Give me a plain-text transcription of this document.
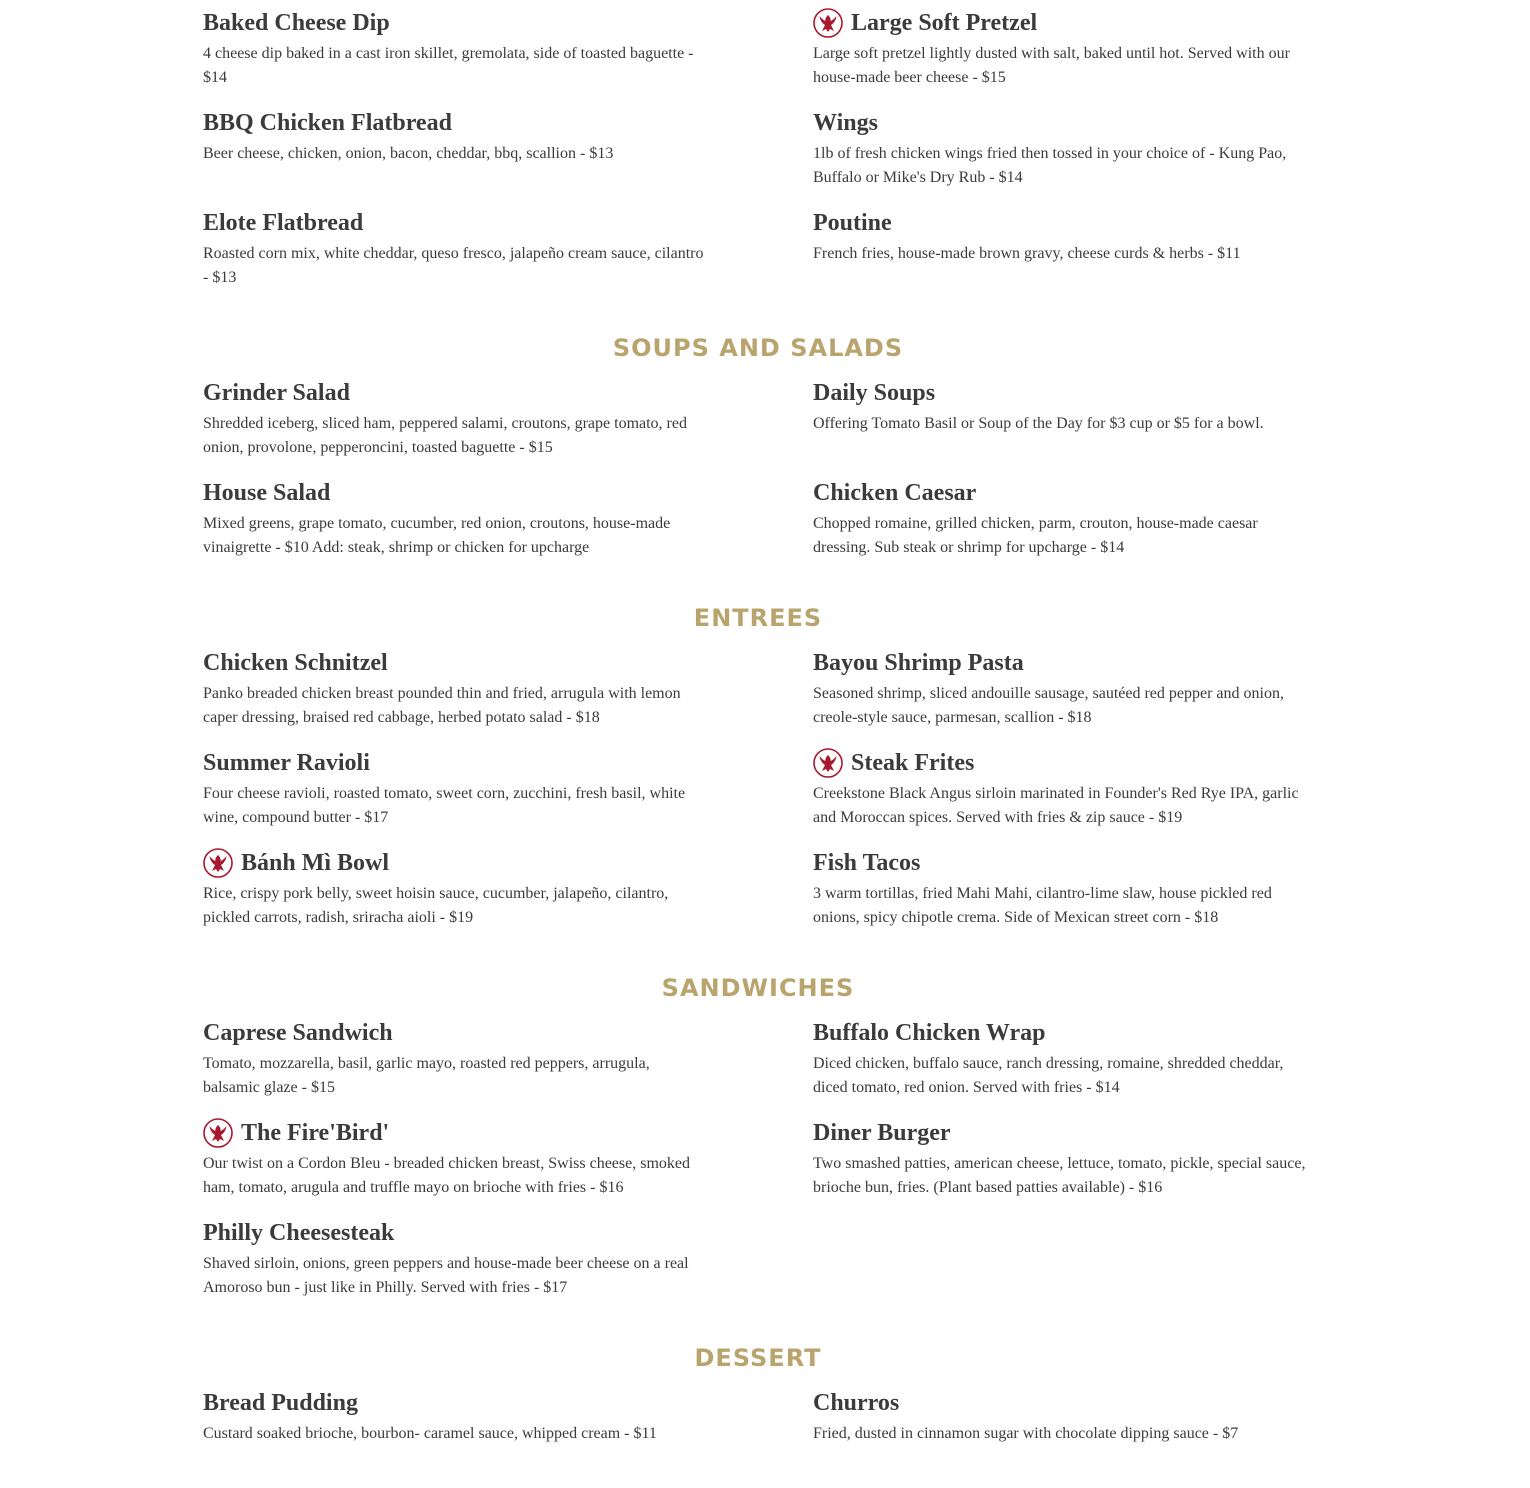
Baked Cheese Dip
4 cheese dip baked in a cast iron skillet, gremolata, side of toasted baguette - $14
Large Soft Pretzel
Large soft pretzel lightly dusted with salt, baked until hot. Served with our house-made beer cheese - $15
BBQ Chicken Flatbread
Beer cheese, chicken, onion, bacon, cheddar, bbq, scallion - $13
Wings
1lb of fresh chicken wings fried then tossed in your choice of - Kung Pao, Buffalo or Mike's Dry Rub - $14
Elote Flatbread
Roasted corn mix, white cheddar, queso fresco, jalapeño cream sauce, cilantro - $13
Poutine
French fries, house-made brown gravy, cheese curds & herbs - $11
SOUPS AND SALADS
Grinder Salad
Shredded iceberg, sliced ham, peppered salami, croutons, grape tomato, red onion, provolone, pepperoncini, toasted baguette - $15
Daily Soups
Offering Tomato Basil or Soup of the Day for $3 cup or $5 for a bowl.
House Salad
Mixed greens, grape tomato, cucumber, red onion, croutons, house-made vinaigrette - $10 Add: steak, shrimp or chicken for upcharge
Chicken Caesar
Chopped romaine, grilled chicken, parm, crouton, house-made caesar dressing. Sub steak or shrimp for upcharge - $14
ENTREES
Chicken Schnitzel
Panko breaded chicken breast pounded thin and fried, arrugula with lemon caper dressing, braised red cabbage, herbed potato salad - $18
Bayou Shrimp Pasta
Seasoned shrimp, sliced andouille sausage, sautéed red pepper and onion, creole-style sauce, parmesan, scallion - $18
Summer Ravioli
Four cheese ravioli, roasted tomato, sweet corn, zucchini, fresh basil, white wine, compound butter - $17
Steak Frites
Creekstone Black Angus sirloin marinated in Founder's Red Rye IPA, garlic and Moroccan spices. Served with fries & zip sauce - $19
Bánh Mì Bowl
Rice, crispy pork belly, sweet hoisin sauce, cucumber, jalapeño, cilantro, pickled carrots, radish, sriracha aioli - $19
Fish Tacos
3 warm tortillas, fried Mahi Mahi, cilantro-lime slaw, house pickled red onions, spicy chipotle crema. Side of Mexican street corn - $18
SANDWICHES
Caprese Sandwich
Tomato, mozzarella, basil, garlic mayo, roasted red peppers, arrugula, balsamic glaze - $15
Buffalo Chicken Wrap
Diced chicken, buffalo sauce, ranch dressing, romaine, shredded cheddar, diced tomato, red onion. Served with fries - $14
The Fire'Bird'
Our twist on a Cordon Bleu - breaded chicken breast, Swiss cheese, smoked ham, tomato, arugula and truffle mayo on brioche with fries - $16
Diner Burger
Two smashed patties, american cheese, lettuce, tomato, pickle, special sauce, brioche bun, fries. (Plant based patties available) - $16
Philly Cheesesteak
Shaved sirloin, onions, green peppers and house-made beer cheese on a real Amoroso bun - just like in Philly. Served with fries - $17
DESSERT
Bread Pudding
Custard soaked brioche, bourbon- caramel sauce, whipped cream - $11
Churros
Fried, dusted in cinnamon sugar with chocolate dipping sauce - $7
